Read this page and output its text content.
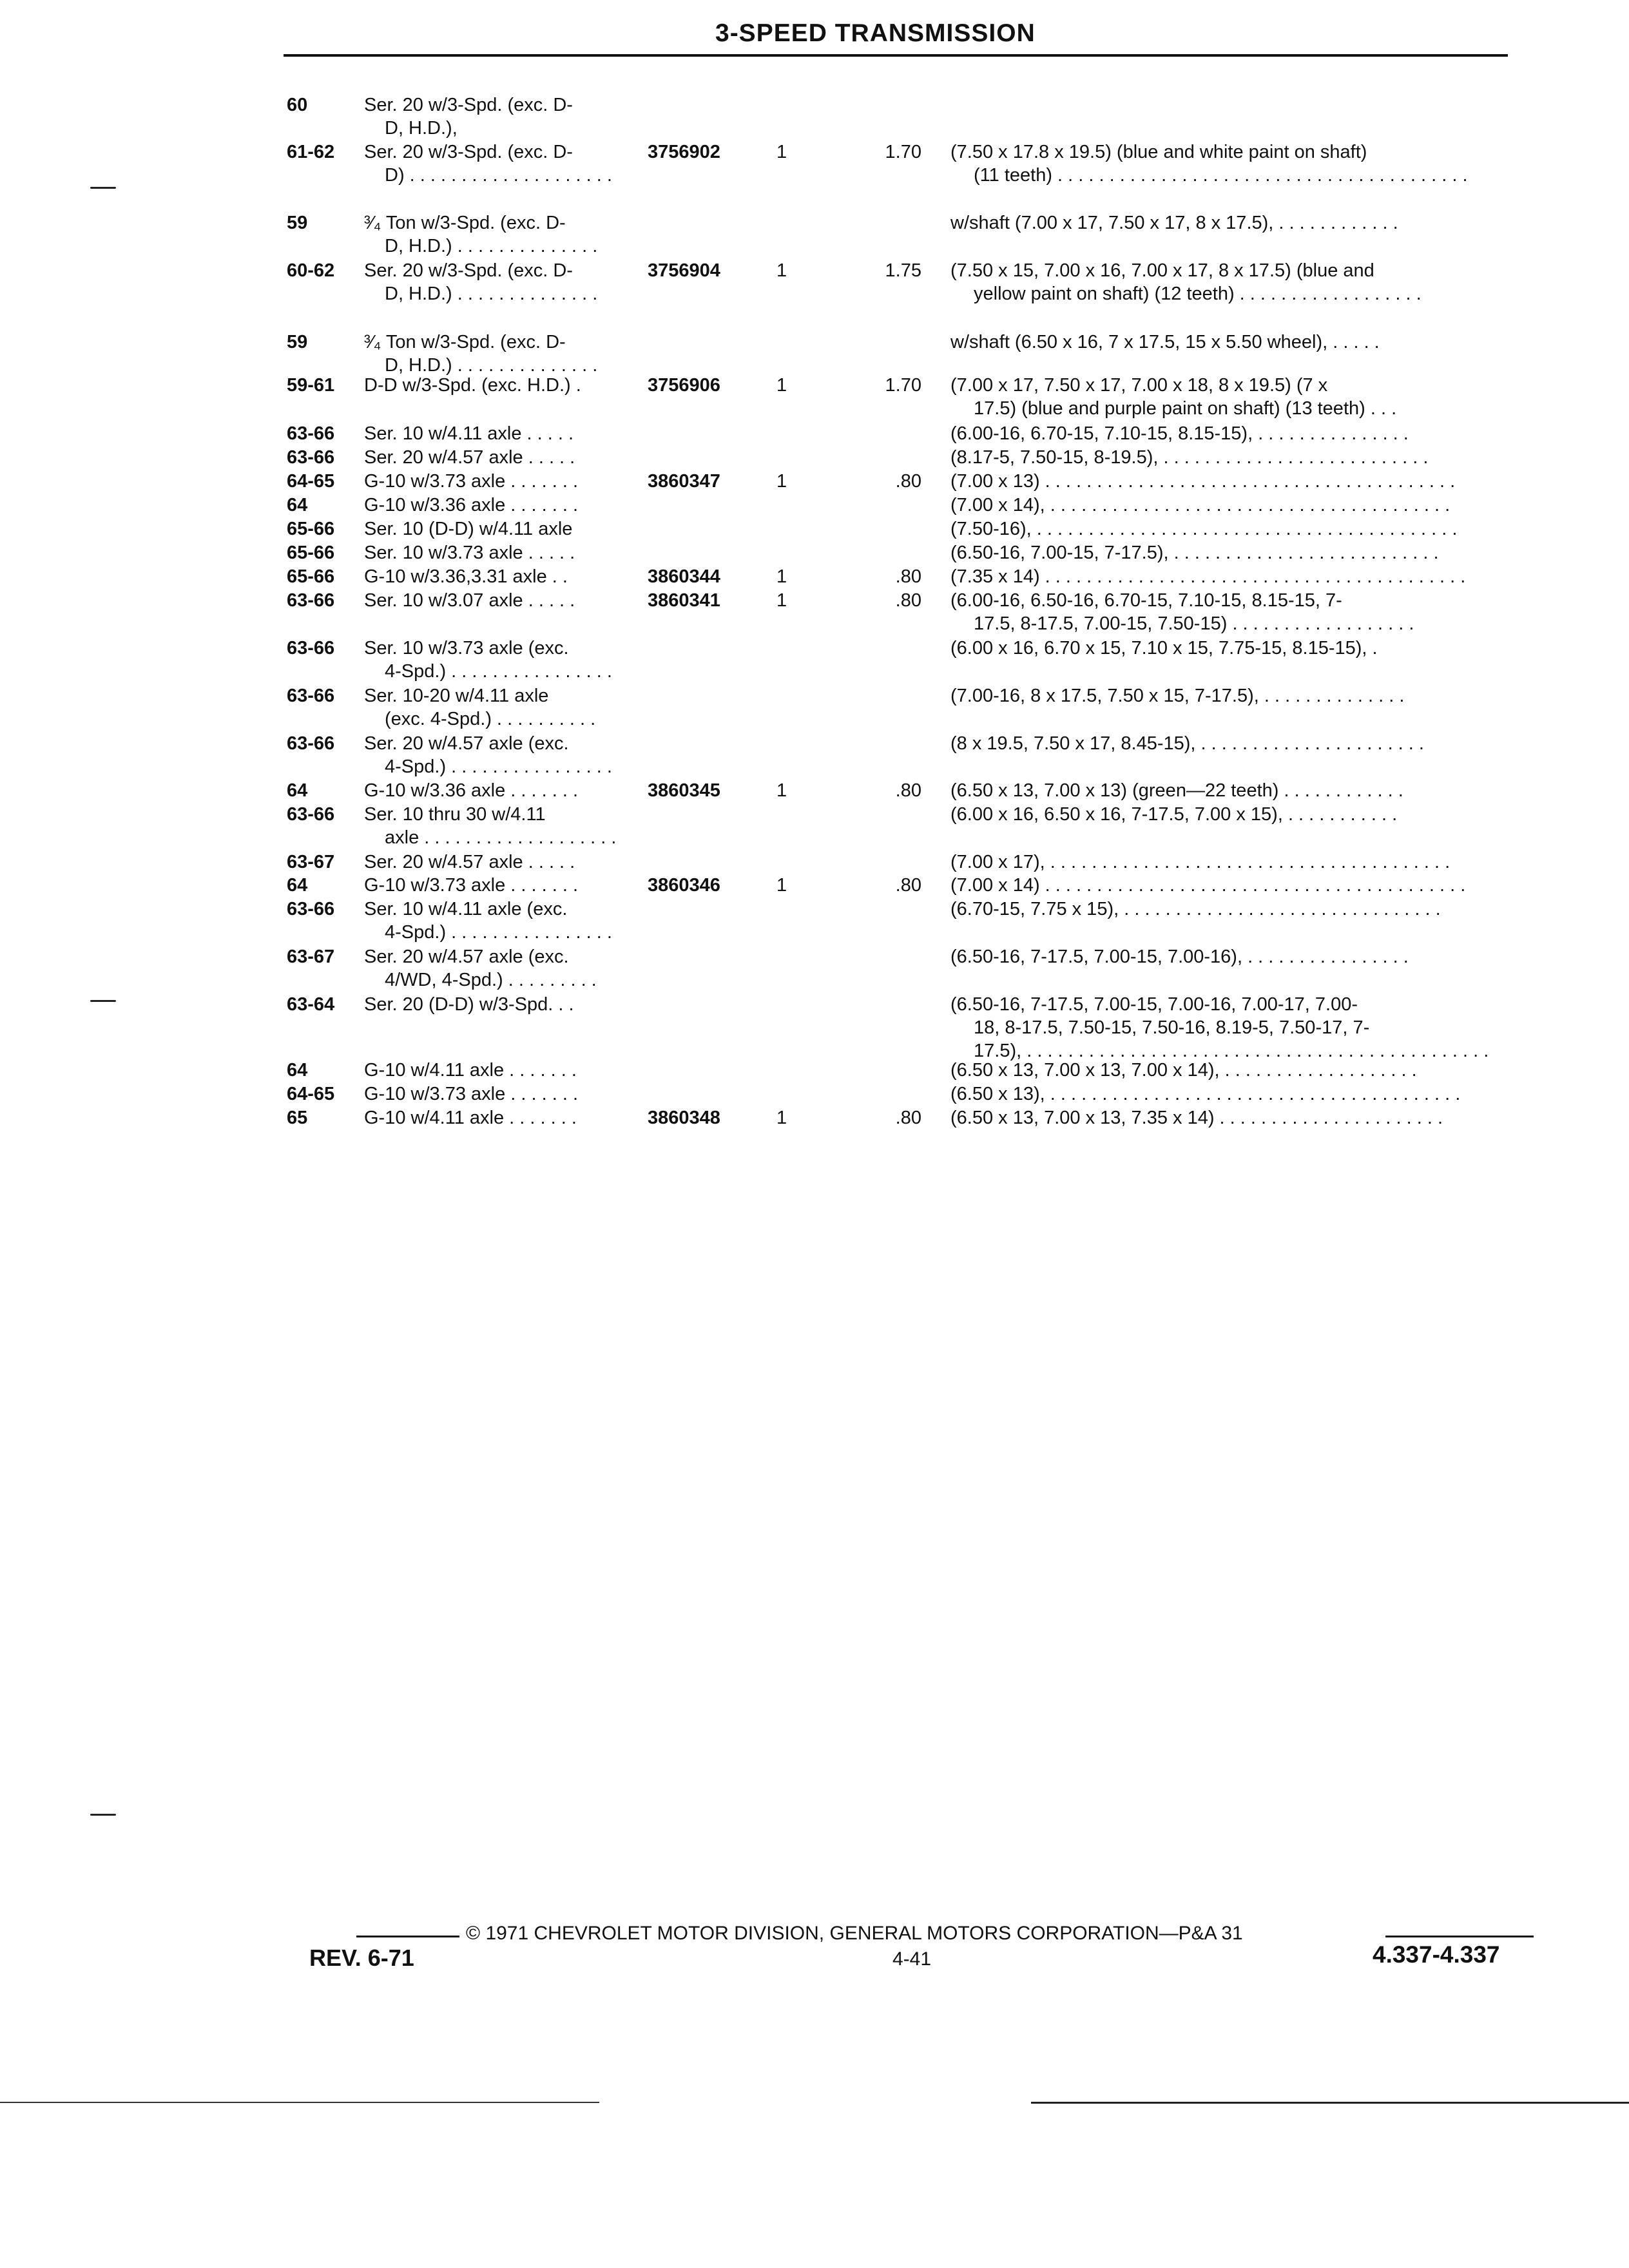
3-SPEED TRANSMISSION
60	Ser. 20 w/3-Spd. (exc. D-
D, H.D.),
61-62	Ser. 20 w/3-Spd. (exc. D-
D) . . . . . . . . . . . . . . . . . . . .
3756902	1	1.70 (7.50 x 17.8 x 19.5) (blue and white paint on shaft)
(11 teeth) . . . . . . . . . . . . . . . . . . . . . . . . . . . . . . . . . . . . . . . .
59	³⁄₄ Ton w/3-Spd. (exc. D-
D, H.D.) . . . . . . . . . . . . . .
w/shaft (7.00 x 17, 7.50 x 17, 8 x 17.5), . . . . . . . . . . . .
60-62	Ser. 20 w/3-Spd. (exc. D-
D, H.D.) . . . . . . . . . . . . . .
3756904	1	1.75 (7.50 x 15, 7.00 x 16, 7.00 x 17, 8 x 17.5) (blue and
yellow paint on shaft) (12 teeth) . . . . . . . . . . . . . . . . . .
59	³⁄₄ Ton w/3-Spd. (exc. D-
D, H.D.) . . . . . . . . . . . . . .
w/shaft (6.50 x 16, 7 x 17.5, 15 x 5.50 wheel), . . . . .
59-61	D-D w/3-Spd. (exc. H.D.) .	3756906	1	1.70 (7.00 x 17, 7.50 x 17, 7.00 x 18, 8 x 19.5) (7 x
17.5) (blue and purple paint on shaft) (13 teeth) . . .
63-66	Ser. 10 w/4.11 axle . . . . .	(6.00-16, 6.70-15, 7.10-15, 8.15-15), . . . . . . . . . . . . . . .
63-66	Ser. 20 w/4.57 axle . . . . .	(8.17-5, 7.50-15, 8-19.5), . . . . . . . . . . . . . . . . . . . . . . . . . .
64-65	G-10 w/3.73 axle . . . . . . .	3860347	1	.80 (7.00 x 13) . . . . . . . . . . . . . . . . . . . . . . . . . . . . . . . . . . . . . . . .
64	G-10 w/3.36 axle . . . . . . .	(7.00 x 14), . . . . . . . . . . . . . . . . . . . . . . . . . . . . . . . . . . . . . . .
65-66	Ser. 10 (D-D) w/4.11 axle	(7.50-16), . . . . . . . . . . . . . . . . . . . . . . . . . . . . . . . . . . . . . . . . .
65-66	Ser. 10 w/3.73 axle . . . . .	(6.50-16, 7.00-15, 7-17.5), . . . . . . . . . . . . . . . . . . . . . . . . . .
65-66	G-10 w/3.36,3.31 axle . .	3860344	1	.80 (7.35 x 14) . . . . . . . . . . . . . . . . . . . . . . . . . . . . . . . . . . . . . . . . .
63-66	Ser. 10 w/3.07 axle . . . . .	3860341	1	.80 (6.00-16, 6.50-16, 6.70-15, 7.10-15, 8.15-15, 7-
17.5, 8-17.5, 7.00-15, 7.50-15) . . . . . . . . . . . . . . . . . .
63-66	Ser. 10 w/3.73 axle (exc.
4-Spd.) . . . . . . . . . . . . . . . .
(6.00 x 16, 6.70 x 15, 7.10 x 15, 7.75-15, 8.15-15), .
63-66	Ser. 10-20 w/4.11 axle
(exc. 4-Spd.) . . . . . . . . . .
(7.00-16, 8 x 17.5, 7.50 x 15, 7-17.5), . . . . . . . . . . . . . .
63-66	Ser. 20 w/4.57 axle (exc.
4-Spd.) . . . . . . . . . . . . . . . .
(8 x 19.5, 7.50 x 17, 8.45-15), . . . . . . . . . . . . . . . . . . . . . .
64	G-10 w/3.36 axle . . . . . . .	3860345	1	.80 (6.50 x 13, 7.00 x 13) (green—22 teeth) . . . . . . . . . . . .
63-66	Ser. 10 thru 30 w/4.11
axle . . . . . . . . . . . . . . . . . . .
(6.00 x 16, 6.50 x 16, 7-17.5, 7.00 x 15), . . . . . . . . . . .
63-67	Ser. 20 w/4.57 axle . . . . .	(7.00 x 17), . . . . . . . . . . . . . . . . . . . . . . . . . . . . . . . . . . . . . . .
64	G-10 w/3.73 axle . . . . . . .	3860346	1	.80 (7.00 x 14) . . . . . . . . . . . . . . . . . . . . . . . . . . . . . . . . . . . . . . . . .
63-66	Ser. 10 w/4.11 axle (exc.
4-Spd.) . . . . . . . . . . . . . . . .
(6.70-15, 7.75 x 15), . . . . . . . . . . . . . . . . . . . . . . . . . . . . . . .
63-67	Ser. 20 w/4.57 axle (exc.
4/WD, 4-Spd.) . . . . . . . . .
(6.50-16, 7-17.5, 7.00-15, 7.00-16), . . . . . . . . . . . . . . . .
63-64	Ser. 20 (D-D) w/3-Spd. . .	(6.50-16, 7-17.5, 7.00-15, 7.00-16, 7.00-17, 7.00-
18, 8-17.5, 7.50-15, 7.50-16, 8.19-5, 7.50-17, 7-
17.5), . . . . . . . . . . . . . . . . . . . . . . . . . . . . . . . . . . . . . . . . . . . . .
64	G-10 w/4.11 axle . . . . . . .	(6.50 x 13, 7.00 x 13, 7.00 x 14), . . . . . . . . . . . . . . . . . . .
64-65	G-10 w/3.73 axle . . . . . . .	(6.50 x 13), . . . . . . . . . . . . . . . . . . . . . . . . . . . . . . . . . . . . . . . .
65	G-10 w/4.11 axle . . . . . . .	3860348	1	.80 (6.50 x 13, 7.00 x 13, 7.35 x 14) . . . . . . . . . . . . . . . . . . . . . .
© 1971 CHEVROLET MOTOR DIVISION, GENERAL MOTORS CORPORATION—P&A 31
REV. 6-71	4-41	4.337-4.337
